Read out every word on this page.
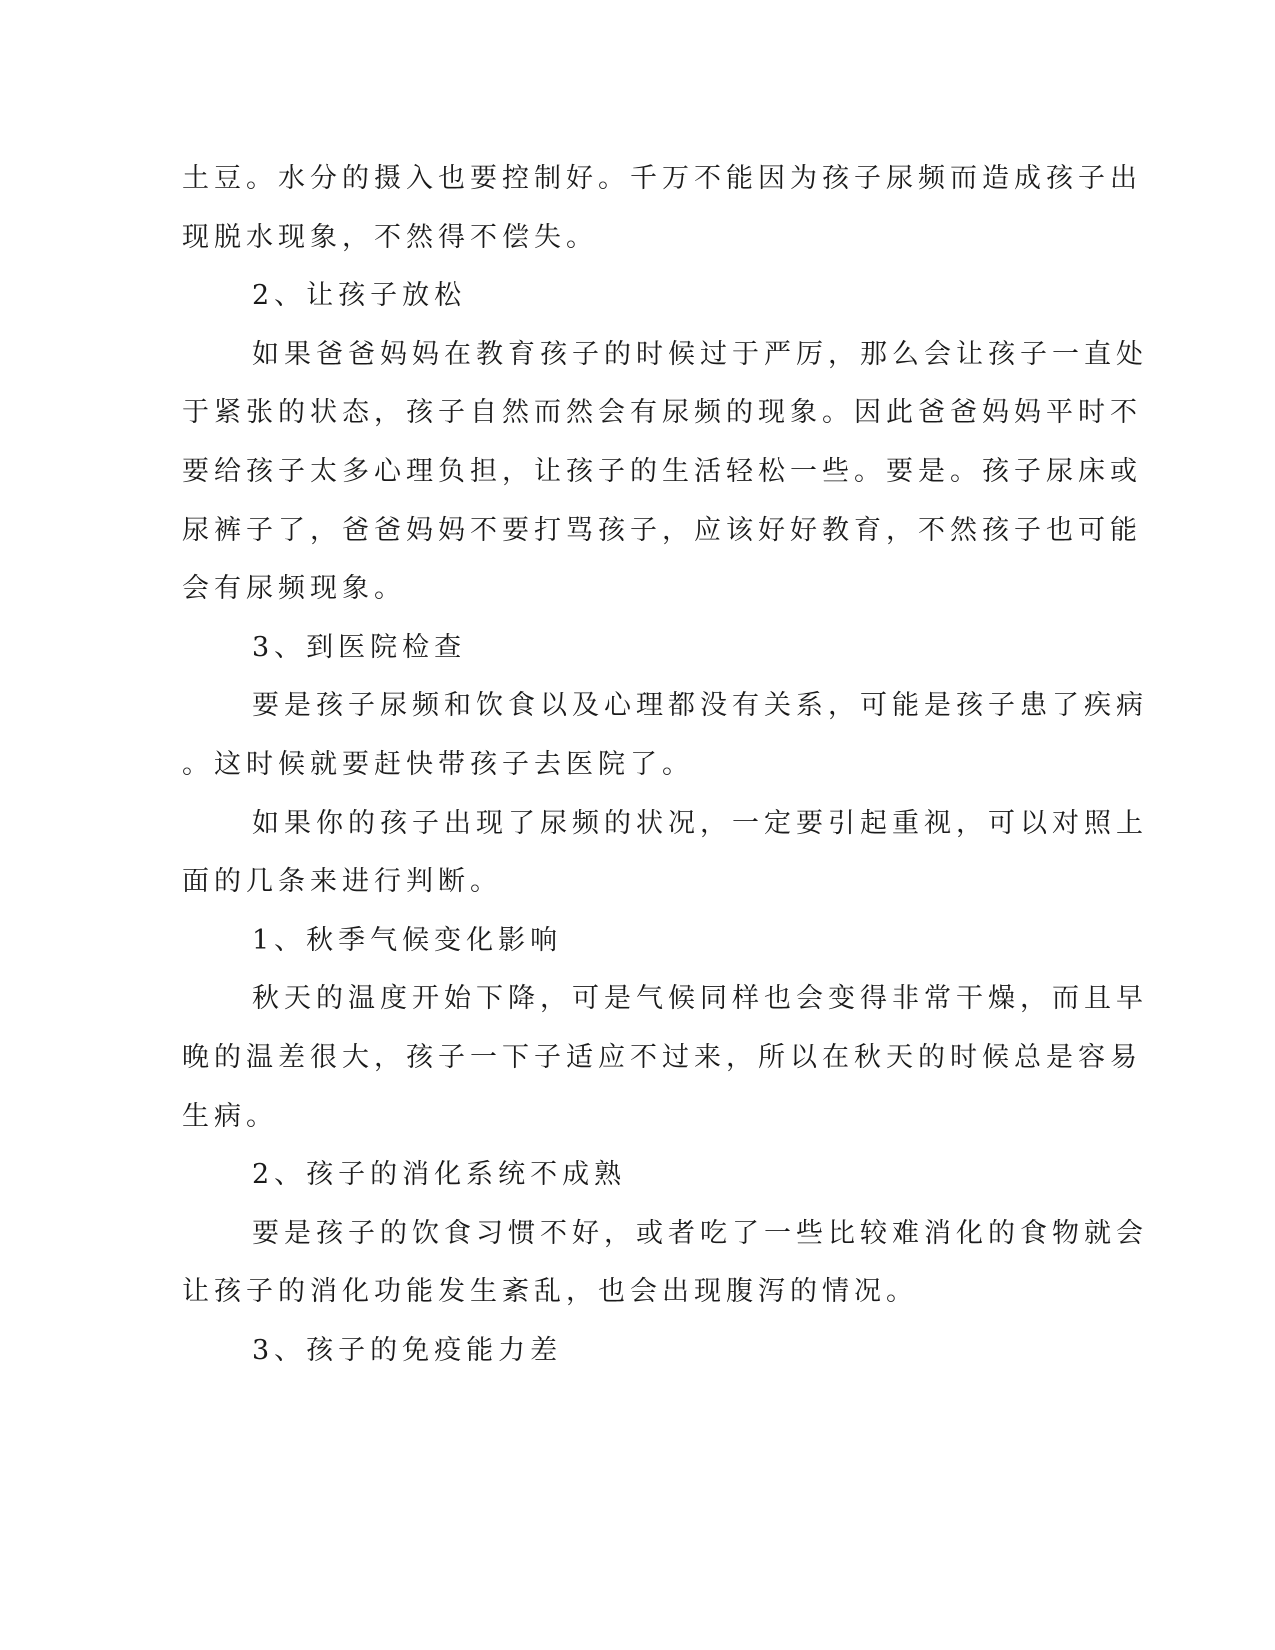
土豆。水分的摄入也要控制好。千万不能因为孩子尿频而造成孩子出

现脱水现象，不然得不偿失。

2、让孩子放松

如果爸爸妈妈在教育孩子的时候过于严厉，那么会让孩子一直处

于紧张的状态，孩子自然而然会有尿频的现象。因此爸爸妈妈平时不

要给孩子太多心理负担，让孩子的生活轻松一些。要是。孩子尿床或

尿裤子了，爸爸妈妈不要打骂孩子，应该好好教育，不然孩子也可能

会有尿频现象。

3、到医院检查

要是孩子尿频和饮食以及心理都没有关系，可能是孩子患了疾病

。这时候就要赶快带孩子去医院了。

如果你的孩子出现了尿频的状况，一定要引起重视，可以对照上

面的几条来进行判断。

1、秋季气候变化影响

秋天的温度开始下降，可是气候同样也会变得非常干燥，而且早

晚的温差很大，孩子一下子适应不过来，所以在秋天的时候总是容易

生病。

2、孩子的消化系统不成熟

要是孩子的饮食习惯不好，或者吃了一些比较难消化的食物就会

让孩子的消化功能发生紊乱，也会出现腹泻的情况。

3、孩子的免疫能力差
